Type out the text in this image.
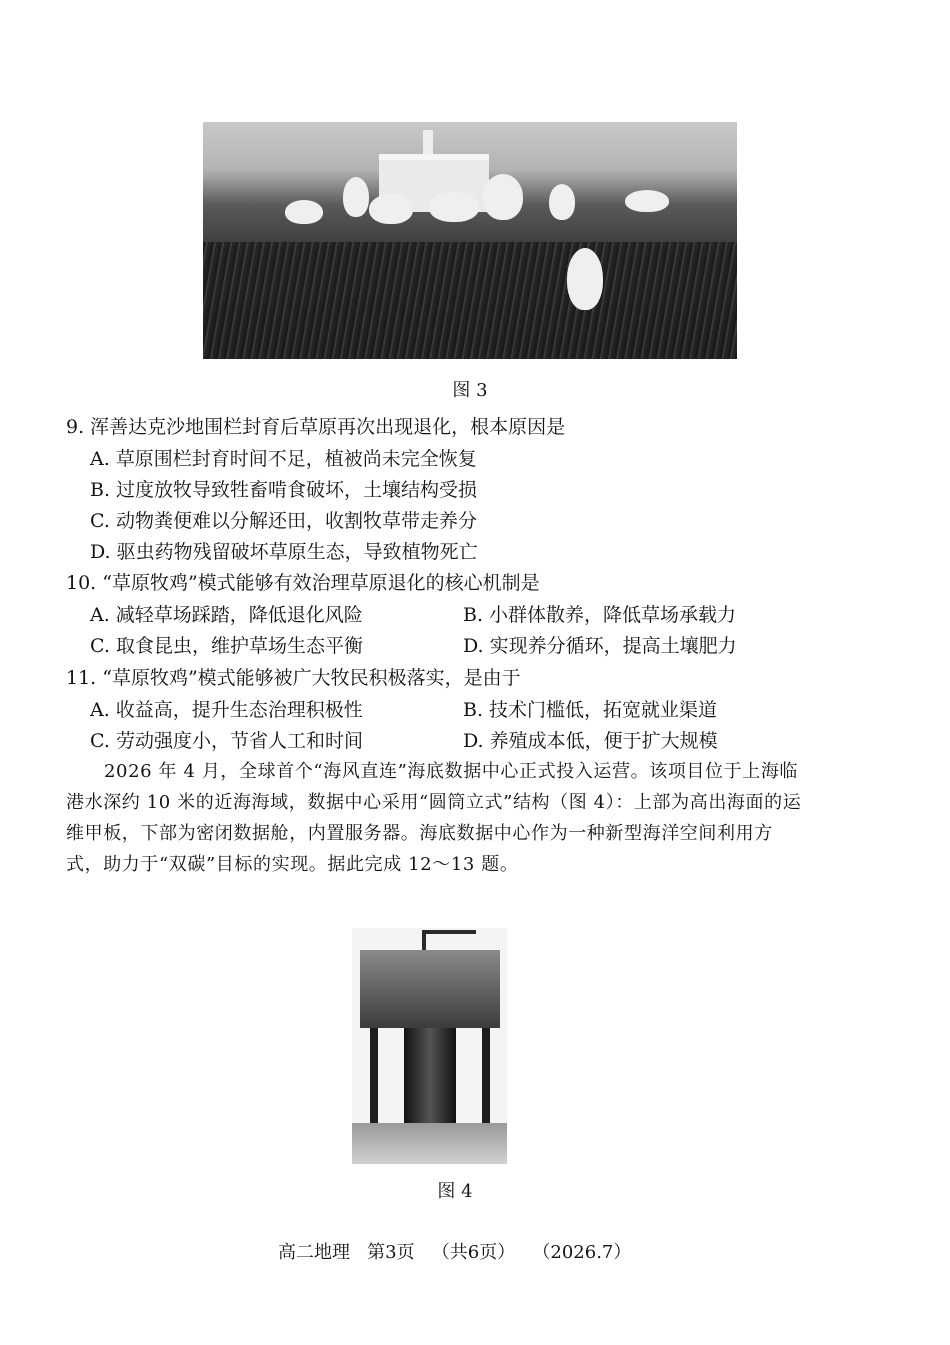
图 3
9. 浑善达克沙地围栏封育后草原再次出现退化，根本原因是
A. 草原围栏封育时间不足，植被尚未完全恢复
B. 过度放牧导致牲畜啃食破坏，土壤结构受损
C. 动物粪便难以分解还田，收割牧草带走养分
D. 驱虫药物残留破坏草原生态，导致植物死亡
10. “草原牧鸡”模式能够有效治理草原退化的核心机制是
A. 减轻草场踩踏，降低退化风险	B. 小群体散养，降低草场承载力
C. 取食昆虫，维护草场生态平衡	D. 实现养分循环，提高土壤肥力
11. “草原牧鸡”模式能够被广大牧民积极落实，是由于
A. 收益高，提升生态治理积极性	B. 技术门槛低，拓宽就业渠道
C. 劳动强度小，节省人工和时间	D. 养殖成本低，便于扩大规模
2026 年 4 月，全球首个“海风直连”海底数据中心正式投入运营。该项目位于上海临
港水深约 10 米的近海海域，数据中心采用“圆筒立式”结构（图 4）：上部为高出海面的运
维甲板，下部为密闭数据舱，内置服务器。海底数据中心作为一种新型海洋空间利用方
式，助力于“双碳”目标的实现。据此完成 12～13 题。
图 4
高二地理   第3页   （共6页）   （2026.7）
